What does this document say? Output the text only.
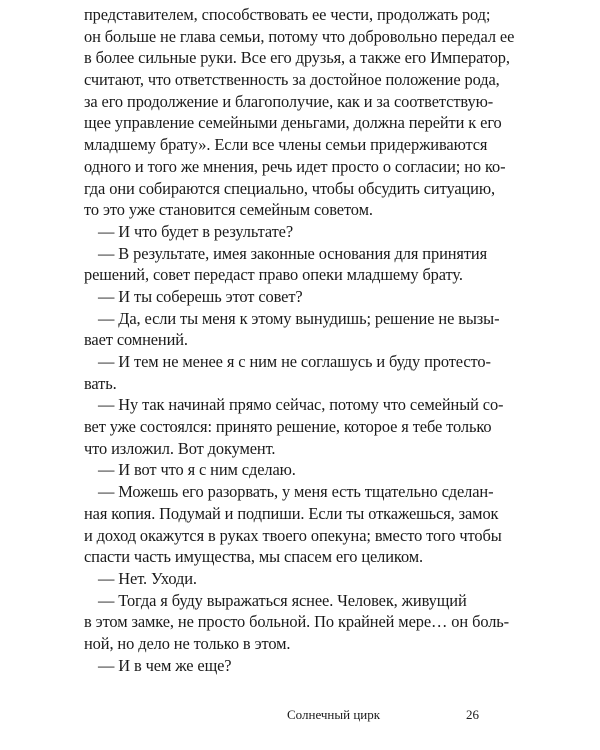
представителем, способствовать ее чести, продолжать род;
он больше не глава семьи, потому что добровольно передал ее
в более сильные руки. Все его друзья, а также его Император,
считают, что ответственность за достойное положение рода,
за его продолжение и благополучие, как и за соответствую-
щее управление семейными деньгами, должна перейти к его
младшему брату». Если все члены семьи придерживаются
одного и того же мнения, речь идет просто о согласии; но ко-
гда они собираются специально, чтобы обсудить ситуацию,
то это уже становится семейным советом.
— И что будет в результате?
— В результате, имея законные основания для принятия
решений, совет передаст право опеки младшему брату.
— И ты соберешь этот совет?
— Да, если ты меня к этому вынудишь; решение не вызы-
вает сомнений.
— И тем не менее я с ним не соглашусь и буду протесто-
вать.
— Ну так начинай прямо сейчас, потому что семейный со-
вет уже состоялся: принято решение, которое я тебе только
что изложил. Вот документ.
— И вот что я с ним сделаю.
— Можешь его разорвать, у меня есть тщательно сделан-
ная копия. Подумай и подпиши. Если ты откажешься, замок
и доход окажутся в руках твоего опекуна; вместо того чтобы
спасти часть имущества, мы спасем его целиком.
— Нет. Уходи.
— Тогда я буду выражаться яснее. Человек, живущий
в этом замке, не просто больной. По крайней мере… он боль-
ной, но дело не только в этом.
— И в чем же еще?
Солнечный цирк	26
